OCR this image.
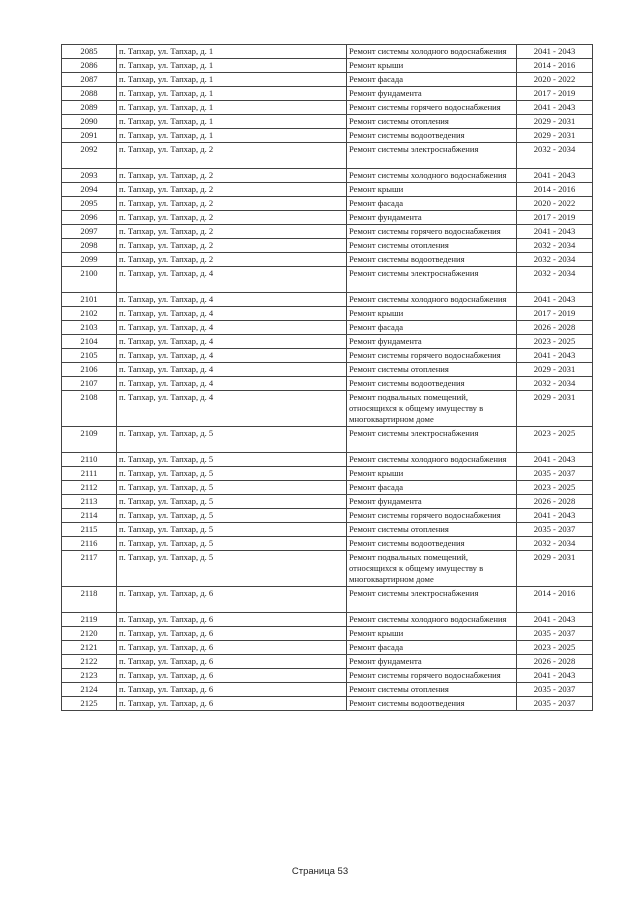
2085	п. Тапхар, ул. Тапхар, д. 1	Ремонт системы холодного водоснабжения	2041 - 2043
2086	п. Тапхар, ул. Тапхар, д. 1	Ремонт крыши	2014 - 2016
2087	п. Тапхар, ул. Тапхар, д. 1	Ремонт фасада	2020 - 2022
2088	п. Тапхар, ул. Тапхар, д. 1	Ремонт фундамента	2017 - 2019
2089	п. Тапхар, ул. Тапхар, д. 1	Ремонт системы горячего водоснабжения	2041 - 2043
2090	п. Тапхар, ул. Тапхар, д. 1	Ремонт системы отопления	2029 - 2031
2091	п. Тапхар, ул. Тапхар, д. 1	Ремонт системы водоотведения	2029 - 2031
2092	п. Тапхар, ул. Тапхар, д. 2	Ремонт системы электроснабжения	2032 - 2034
2093	п. Тапхар, ул. Тапхар, д. 2	Ремонт системы холодного водоснабжения	2041 - 2043
2094	п. Тапхар, ул. Тапхар, д. 2	Ремонт крыши	2014 - 2016
2095	п. Тапхар, ул. Тапхар, д. 2	Ремонт фасада	2020 - 2022
2096	п. Тапхар, ул. Тапхар, д. 2	Ремонт фундамента	2017 - 2019
2097	п. Тапхар, ул. Тапхар, д. 2	Ремонт системы горячего водоснабжения	2041 - 2043
2098	п. Тапхар, ул. Тапхар, д. 2	Ремонт системы отопления	2032 - 2034
2099	п. Тапхар, ул. Тапхар, д. 2	Ремонт системы водоотведения	2032 - 2034
2100	п. Тапхар, ул. Тапхар, д. 4	Ремонт системы электроснабжения	2032 - 2034
2101	п. Тапхар, ул. Тапхар, д. 4	Ремонт системы холодного водоснабжения	2041 - 2043
2102	п. Тапхар, ул. Тапхар, д. 4	Ремонт крыши	2017 - 2019
2103	п. Тапхар, ул. Тапхар, д. 4	Ремонт фасада	2026 - 2028
2104	п. Тапхар, ул. Тапхар, д. 4	Ремонт фундамента	2023 - 2025
2105	п. Тапхар, ул. Тапхар, д. 4	Ремонт системы горячего водоснабжения	2041 - 2043
2106	п. Тапхар, ул. Тапхар, д. 4	Ремонт системы отопления	2029 - 2031
2107	п. Тапхар, ул. Тапхар, д. 4	Ремонт системы водоотведения	2032 - 2034
2108	п. Тапхар, ул. Тапхар, д. 4	Ремонт подвальных помещений, относящихся к общему имуществу в многоквартирном доме	2029 - 2031
2109	п. Тапхар, ул. Тапхар, д. 5	Ремонт системы электроснабжения	2023 - 2025
2110	п. Тапхар, ул. Тапхар, д. 5	Ремонт системы холодного водоснабжения	2041 - 2043
2111	п. Тапхар, ул. Тапхар, д. 5	Ремонт крыши	2035 - 2037
2112	п. Тапхар, ул. Тапхар, д. 5	Ремонт фасада	2023 - 2025
2113	п. Тапхар, ул. Тапхар, д. 5	Ремонт фундамента	2026 - 2028
2114	п. Тапхар, ул. Тапхар, д. 5	Ремонт системы горячего водоснабжения	2041 - 2043
2115	п. Тапхар, ул. Тапхар, д. 5	Ремонт системы отопления	2035 - 2037
2116	п. Тапхар, ул. Тапхар, д. 5	Ремонт системы водоотведения	2032 - 2034
2117	п. Тапхар, ул. Тапхар, д. 5	Ремонт подвальных помещений, относящихся к общему имуществу в многоквартирном доме	2029 - 2031
2118	п. Тапхар, ул. Тапхар, д. 6	Ремонт системы электроснабжения	2014 - 2016
2119	п. Тапхар, ул. Тапхар, д. 6	Ремонт системы холодного водоснабжения	2041 - 2043
2120	п. Тапхар, ул. Тапхар, д. 6	Ремонт крыши	2035 - 2037
2121	п. Тапхар, ул. Тапхар, д. 6	Ремонт фасада	2023 - 2025
2122	п. Тапхар, ул. Тапхар, д. 6	Ремонт фундамента	2026 - 2028
2123	п. Тапхар, ул. Тапхар, д. 6	Ремонт системы горячего водоснабжения	2041 - 2043
2124	п. Тапхар, ул. Тапхар, д. 6	Ремонт системы отопления	2035 - 2037
2125	п. Тапхар, ул. Тапхар, д. 6	Ремонт системы водоотведения	2035 - 2037
Страница 53
